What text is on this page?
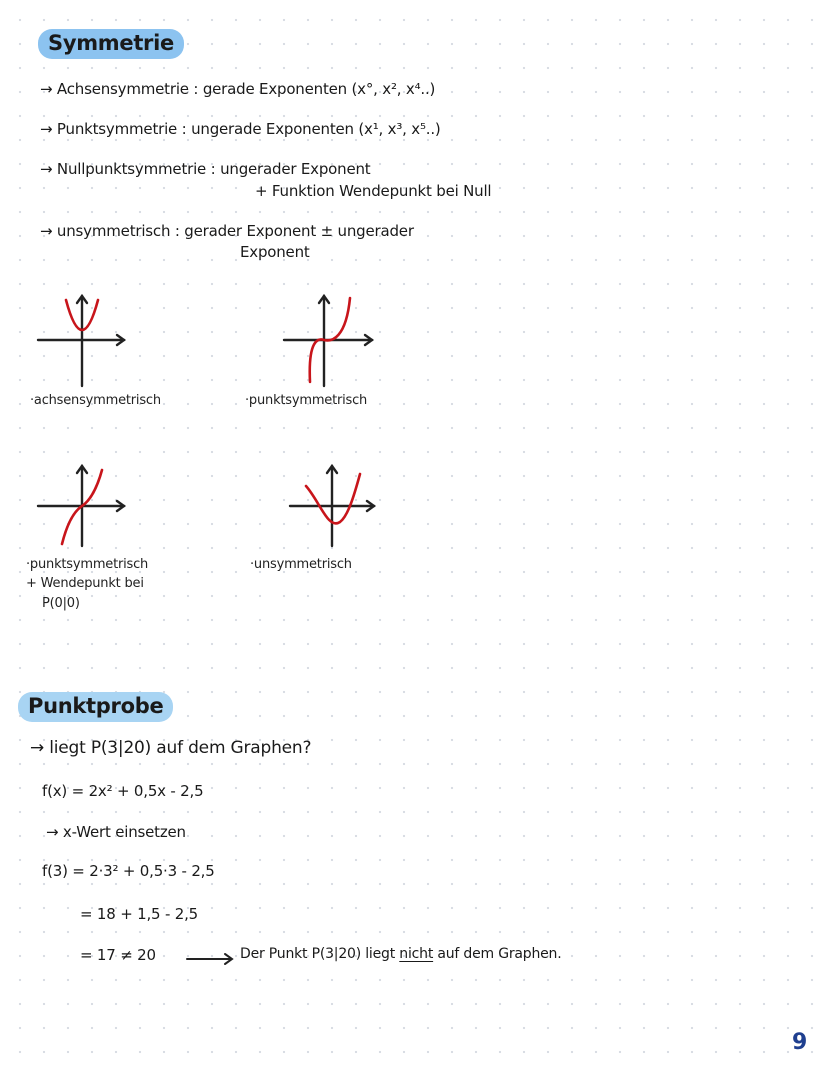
Symmetrie
→ Achsensymmetrie : gerade Exponenten (x°, x², x⁴..)
→ Punktsymmetrie : ungerade Exponenten (x¹, x³, x⁵..)
→ Nullpunktsymmetrie : ungerader Exponent
+ Funktion Wendepunkt bei Null
→ unsymmetrisch : gerader Exponent ± ungerader
Exponent
·achsensymmetrisch	·punktsymmetrisch
·punktsymmetrisch
+ Wendepunkt bei
P(0|0)
·unsymmetrisch
Punktprobe
→ liegt P(3|20) auf dem Graphen?
f(x) = 2x² + 0,5x - 2,5
→ x-Wert einsetzen
f(3) = 2·3² + 0,5·3 - 2,5
= 18 + 1,5 - 2,5
= 17 ≠ 20	Der Punkt P(3|20) liegt nicht auf dem Graphen.
9
